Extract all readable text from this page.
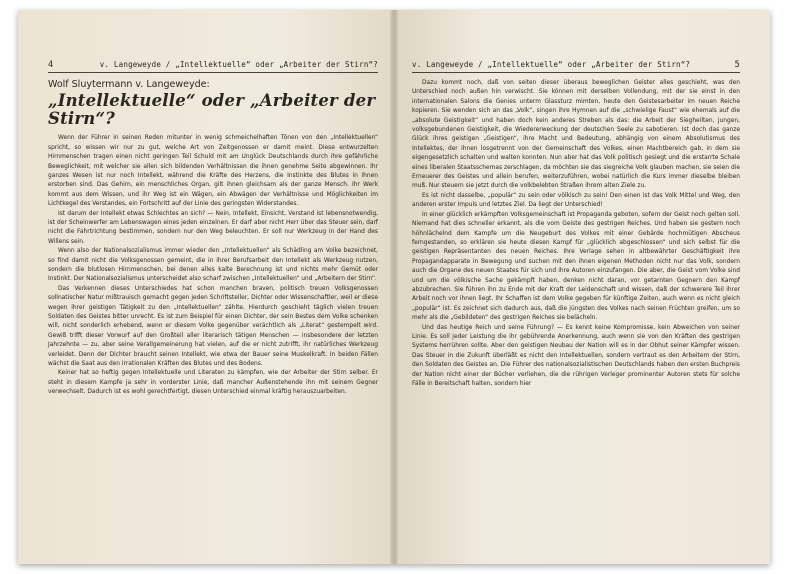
4	v. Langeweyde / „Intellektuelle“ oder „Arbeiter der Stirn“?
Wolf Sluytermann v. Langeweyde:
„Intellektuelle“ oder „Arbeiter der Stirn“?

Wenn der Führer in seinen Reden mitunter in wenig schmeichelhaften Tönen von den „Intellektuellen“ spricht, so wissen wir nur zu gut, welche Art von Zeitgenossen er damit meint. Diese entwurzelten Hirnmenschen tragen einen nicht geringen Teil Schuld mit am Unglück Deutschlands durch ihre gefährliche Beweglichkeit, mit welcher sie allen sich bildenden Verhältnissen die ihnen genehme Seite abgewinnen. Ihr ganzes Wesen ist nur noch Intellekt, während die Kräfte des Herzens, die Instinkte des Blutes in ihnen erstorben sind. Das Gehirn, ein menschliches Organ, gilt ihnen gleichsam als der ganze Mensch. Ihr Werk kommt aus dem Wissen, und ihr Weg ist ein Wägen, ein Abwägen der Verhältnisse und Möglichkeiten im Lichtkegel des Verstandes, ein Fortschritt auf der Linie des geringsten Widerstandes.

Ist darum der Intellekt etwas Schlechtes an sich? — Nein, Intellekt, Einsicht, Verstand ist lebensnotwendig, ist der Scheinwerfer am Lebenswagen eines jeden einzelnen. Er darf aber nicht Herr über das Steuer sein, darf nicht die Fahrtrichtung bestimmen, sondern nur den Weg beleuchten. Er soll nur Werkzeug in der Hand des Willens sein.

Wenn also der Nationalsozialismus immer wieder den „Intellektuellen“ als Schädling am Volke bezeichnet, so find damit nicht die Volksgenossen gemeint, die in ihrer Berufsarbeit den Intellekt als Werkzeug nutzen, sondern die blutlosen Hirnmenschen, bei denen alles kalte Berechnung ist und nichts mehr Gemüt oder Instinkt. Der Nationalsozialismus unterscheidet also scharf zwischen „Intellektuellen“ und „Arbeitern der Stirn“.

Das Verkennen dieses Unterschiedes hat schon manchen braven, politisch treuen Volksgenossen sollnatischer Natur mißtrauisch gemacht gegen jeden Schriftsteller, Dichter oder Wissenschaftler, weil er diese wegen ihrer geistigen Tätigkeit zu den „Intellektuellen“ zählte. Hierdurch geschieht täglich vielen treuen Soldaten des Geistes bitter unrecht. Es ist zum Beispiel für einen Dichter, der sein Bestes dem Volke schenken will, nicht sonderlich erhebend, wenn er diesem Volke gegenüber verächtlich als „Literat“ gestempelt wird. Gewiß trifft dieser Vorwurf auf den Großteil aller literarisch tätigen Menschen — insbesondere der letzten Jahrzehnte — zu, aber seine Verallgemeinerung hat vielen, auf die er nicht zutrifft, ihr natürliches Werkzeug verleidet. Denn der Dichter braucht seinen Intellekt, wie etwa der Bauer seine Muskelkraft. In beiden Fällen wächst die Saat aus den irrationalen Kräften des Blutes und des Bodens.

Keiner hat so heftig gegen Intellektuelle und Literaten zu kämpfen, wie der Arbeiter der Stirn selber. Er steht in diesem Kampfe ja sehr in vorderster Linie, daß mancher Außenstehende ihn mit seinem Gegner verwechselt. Dadurch ist es wohl gerechtfertigt, diesen Unterschied einmal kräftig herauszuarbeiten.

v. Langeweyde / „Intellektuelle“ oder „Arbeiter der Stirn“?	5

Dazu kommt noch, daß von seiten dieser überaus beweglichen Geister alles geschieht, was den Unterschied noch außen hin verwischt. Sie können mit derselben Vollendung, mit der sie einst in den internationalen Salons die Genies unterm Glassturz mimten, heute den Geistesarbeiter im neuen Reiche kopieren. Sie wenden sich an das „Volk“, singen ihre Hymnen auf die „schwielige Faust“ wie ehemals auf die „absolute Geistigkeit“ und haben doch kein anderes Streben als das: die Arbeit der Siegheilten, jungen, volksgebundenen Geistigkeit, die Wiedererweckung der deutschen Seele zu sabotieren. Ist doch das ganze Glück ihres geistigen „Geistigen“, ihre Macht und Bedeutung, abhängig von einem Absolutismus des Intellektes, der ihnen losgetrennt von der Gemeinschaft des Volkes, einen Machtbereich gab, in dem sie eigengesetzlich schalten und walten konnten. Nun aber hat das Volk politisch gesiegt und die erstarrte Schale eines liberalen Staatsschemas zerschlagen, da möchten sie das siegreiche Volk glauben machen, sie seien die Erneuerer des Geistes und allein berufen, weiterzuführen, wobei natürlich die Kurs immer dieselbe bleiben muß. Nur steuern sie jetzt durch die volkbelebten Straßen ihrem alten Ziele zu.

Es ist nicht dasselbe, „populär“ zu sein oder völkisch zu sein! Den einen ist das Volk Mittel und Weg, den anderen erster Impuls und letztes Ziel. Da liegt der Unterschied!

In einer glücklich erkämpften Volksgemeinschaft ist Propaganda geboten, sofern der Geist noch gelten soll. Niemand hat dies schneller erkannt, als die vom Geiste des gestrigen Reiches. Und haben sie gestern noch höhnlächelnd dem Kampfe um die Neugeburt des Volkes mit einer Gebärde hochmütigen Abscheus ferngestanden, so erklären sie heute diesen Kampf für „glücklich abgeschlossen“ und sich selbst für die geistigen Repräsentanten des neuen Reiches. Ihre Verlage sehen in altbewährter Geschäftigkeit ihre Propagandapparate in Bewegung und suchen mit den ihnen eigenen Methoden nicht nur das Volk, sondern auch die Organe des neuen Staates für sich und ihre Autoren einzufangen. Die aber, die Geist vom Volke sind und um die völkische Sache gekämpft haben, denken nicht daran, vor getarnten Gegnern den Kampf abzubrechen. Sie führen ihn zu Ende mit der Kraft der Leidenschaft und wissen, daß der schwerere Teil ihrer Arbeit noch vor ihnen liegt. Ihr Schaffen ist dem Volke gegeben für künftige Zeiten, auch wenn es nicht gleich „populär“ ist. Es zeichnet sich dadurch aus, daß die jüngsten des Volkes nach seinen Früchten greifen, um so mehr als die „Gebildeten“ des gestrigen Reiches sie belächeln.

Und das heutige Reich und seine Führung? — Es kennt keine Kompromisse, kein Abweichen von seiner Linie. Es soll jeder Leistung die ihr gebührende Anerkennung, auch wenn sie von den Kräften des gestrigen Systems herrühren sollte. Aber den geistigen Neubau der Nation will es in der Obhut seiner Kämpfer wissen. Das Steuer in die Zukunft überläßt es nicht den Intellektuellen, sondern vertraut es den Arbeitern der Stirn, den Soldaten des Geistes an. Die Führer des nationalsozialistischen Deutschlands haben den ersten Buchpreis der Nation nicht einer der Bücher verliehen, die die rührigen Verleger prominenter Autoren stets für solche Fälle in Bereitschaft halten, sondern hier
